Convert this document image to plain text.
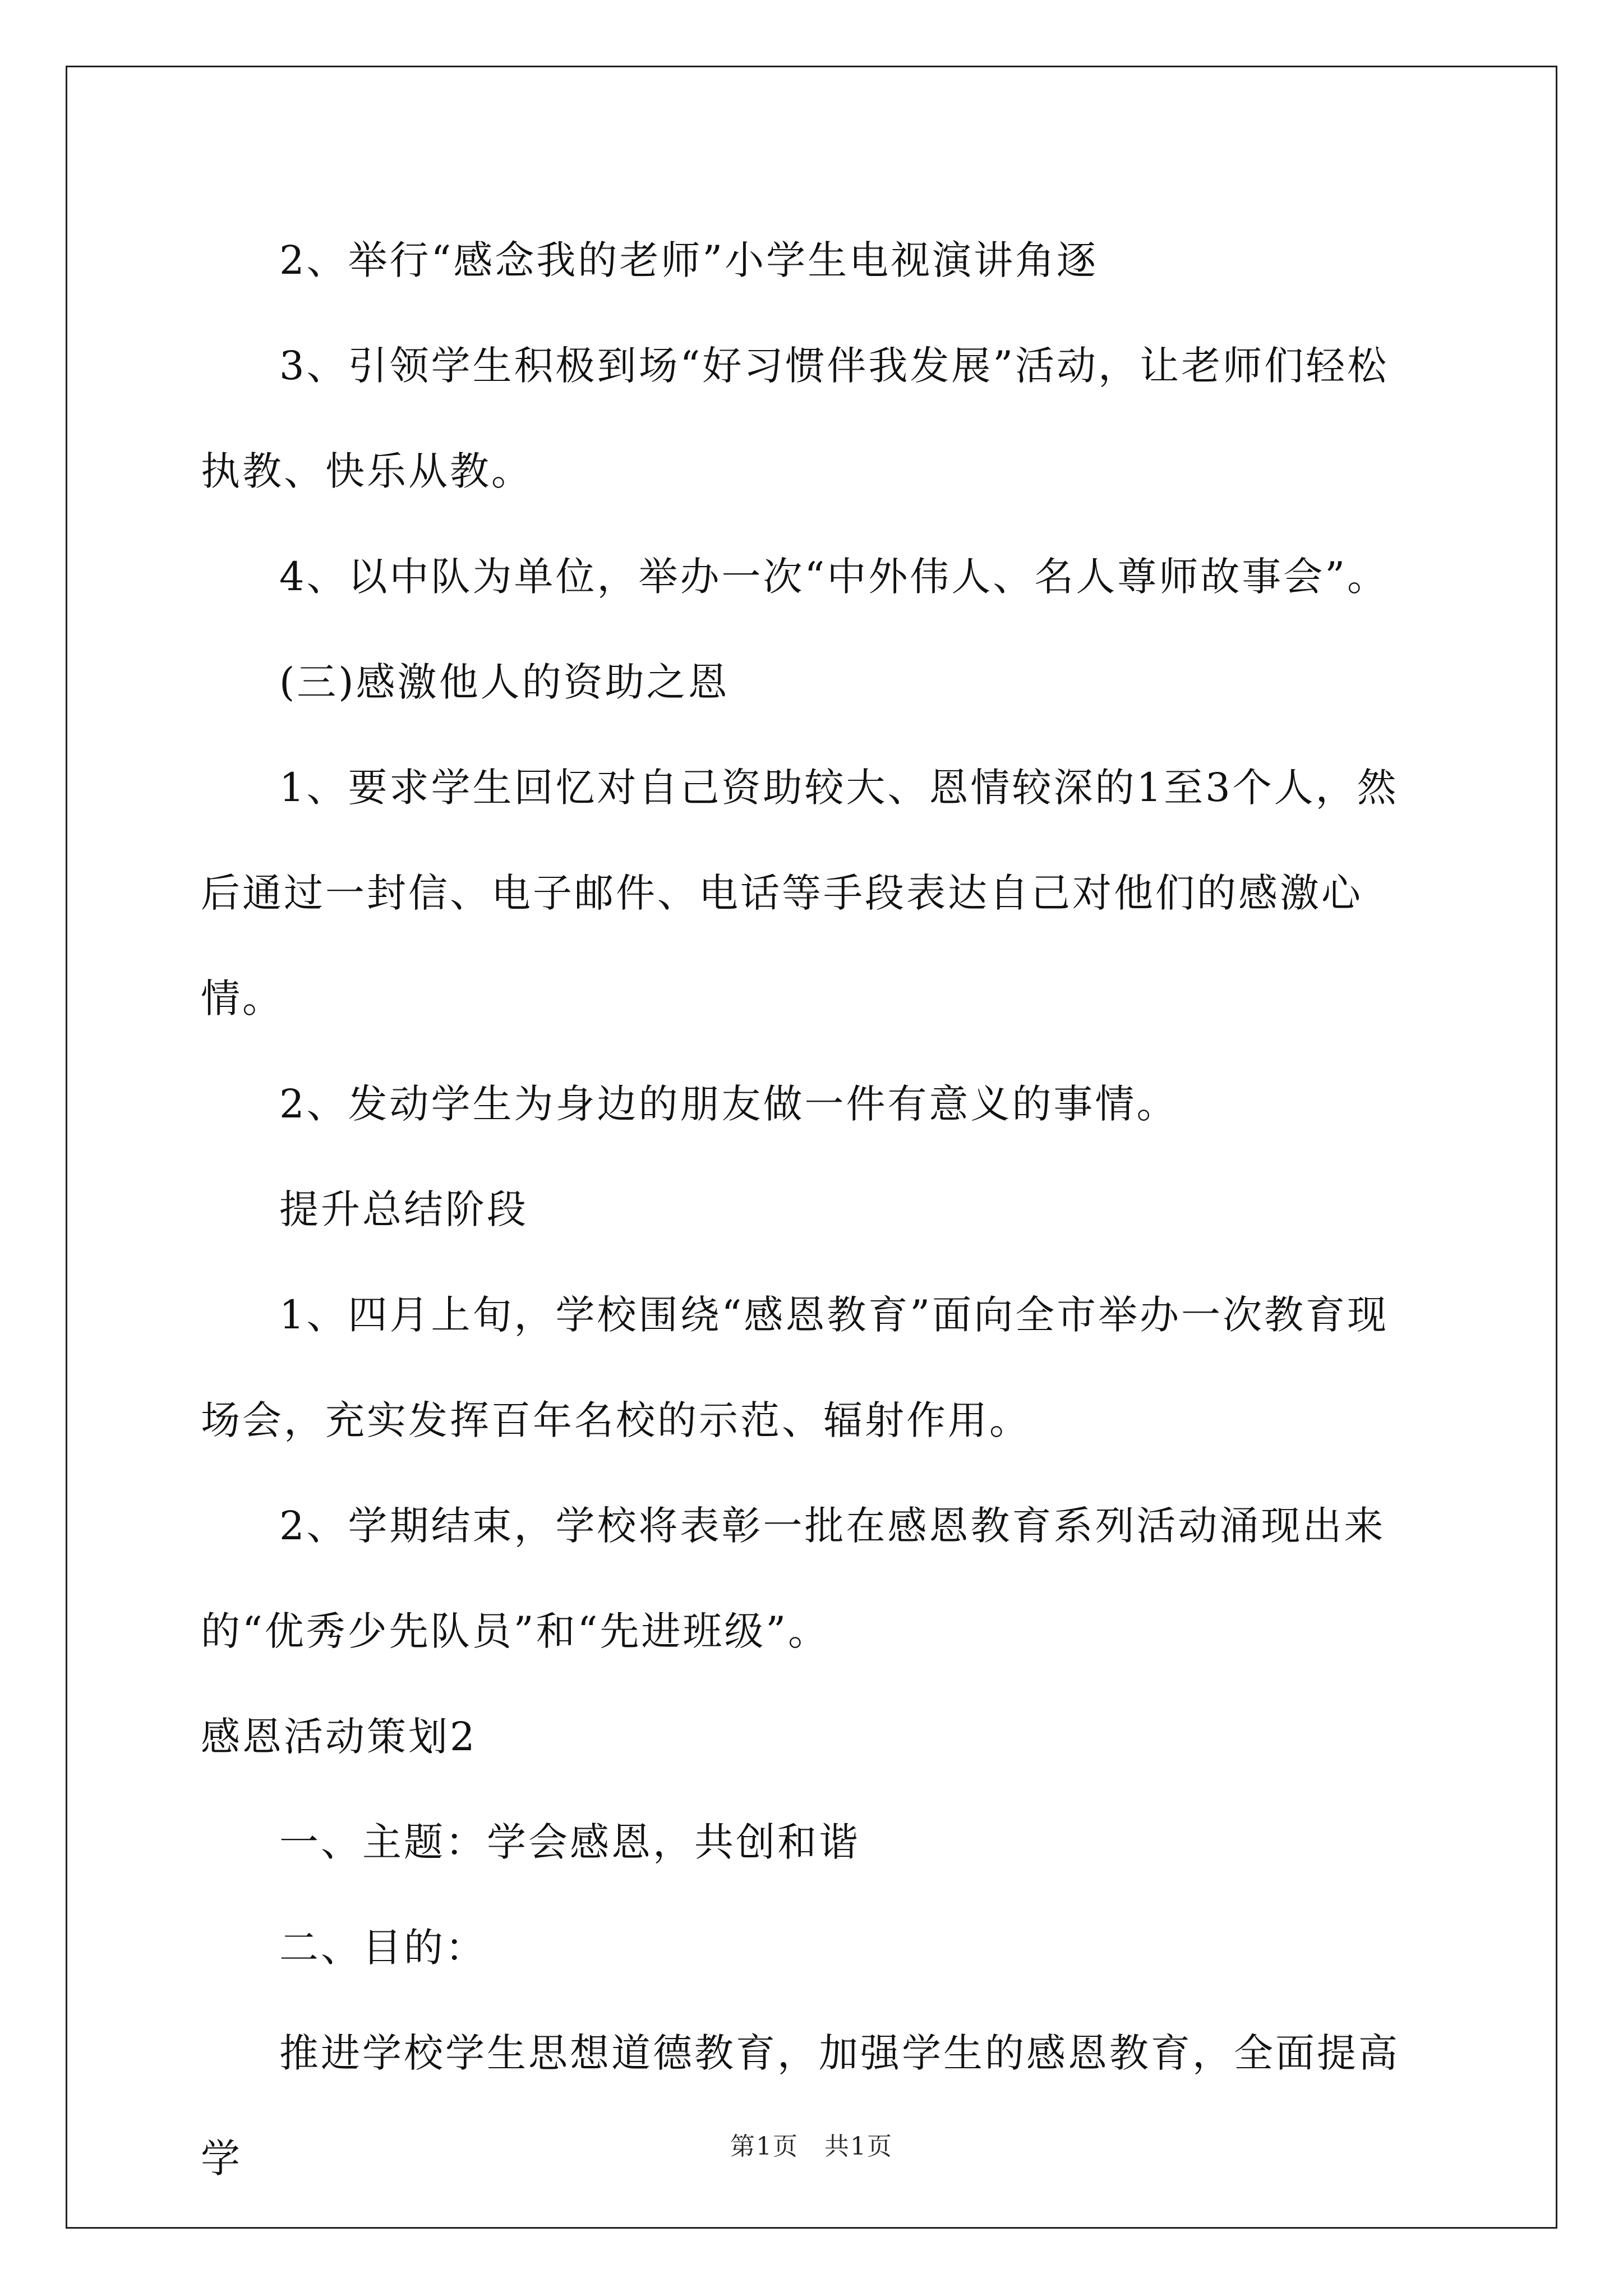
2、举行“感念我的老师”小学生电视演讲角逐

3、引领学生积极到场“好习惯伴我发展”活动，让老师们轻松执教、快乐从教。

4、以中队为单位，举办一次“中外伟人、名人尊师故事会”。

(三)感激他人的资助之恩

1、要求学生回忆对自己资助较大、恩情较深的1至3个人，然后通过一封信、电子邮件、电话等手段表达自己对他们的感激心情。

2、发动学生为身边的朋友做一件有意义的事情。

提升总结阶段

1、四月上旬，学校围绕“感恩教育”面向全市举办一次教育现场会，充实发挥百年名校的示范、辐射作用。

2、学期结束，学校将表彰一批在感恩教育系列活动涌现出来的“优秀少先队员”和“先进班级”。

感恩活动策划2

一、主题：学会感恩，共创和谐

二、目的：

推进学校学生思想道德教育，加强学生的感恩教育，全面提高学	第1页　共1页
